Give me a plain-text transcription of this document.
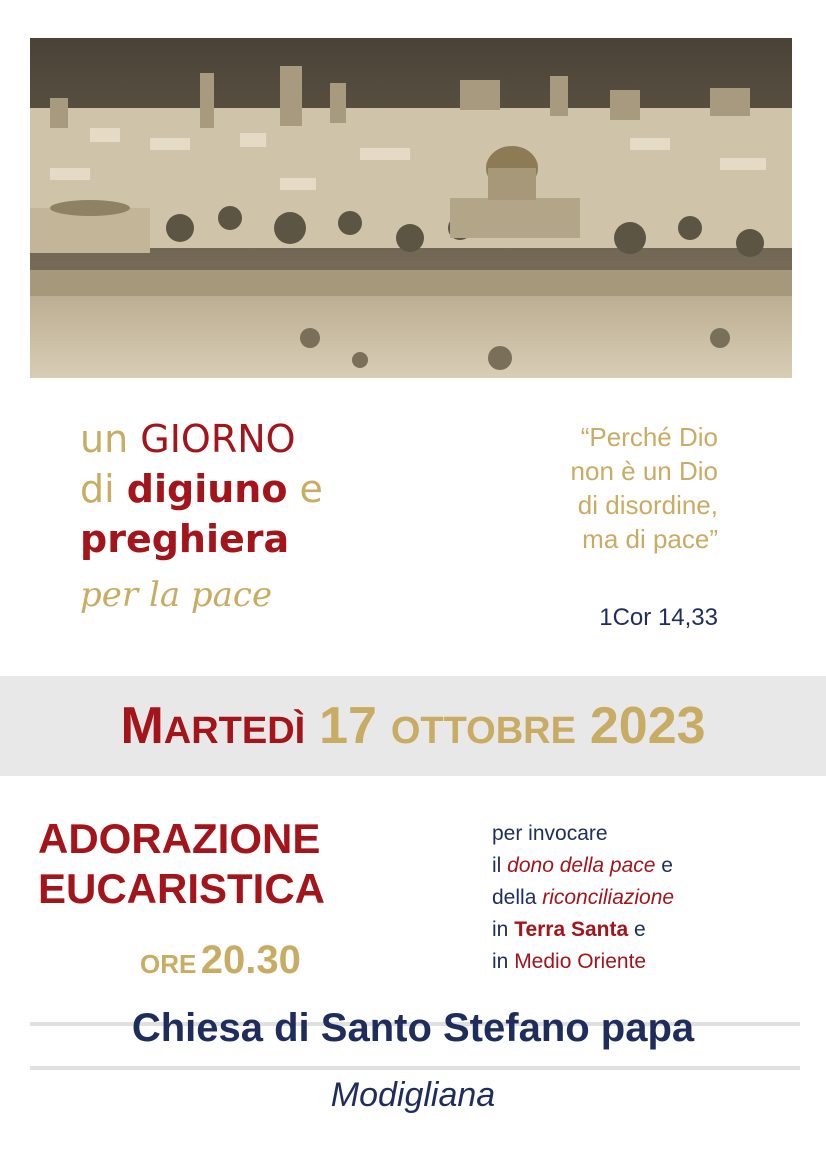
un GIORNO
di digiuno e
preghiera
per la pace
“Perché Dio
non è un Dio
di disordine,
ma di pace”
1Cor 14,33
MARTEDÌ 17 OTTOBRE 2023
ADORAZIONE
EUCARISTICA
ORE 20.30
per invocare
il dono della pace e
della riconciliazione
in Terra Santa e
in Medio Oriente
Chiesa di Santo Stefano papa
Modigliana
